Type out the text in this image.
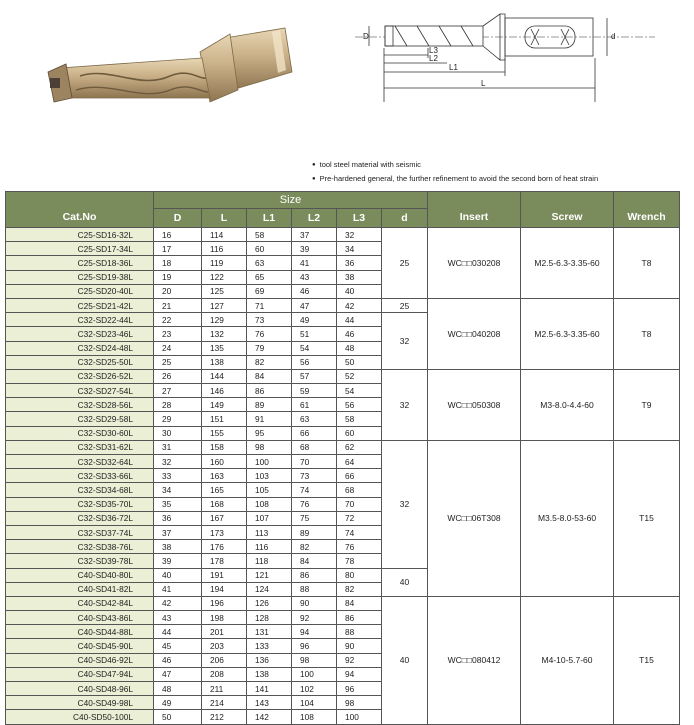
D	d
L3
L2
L1
L
● tool steel material with seismic
● Pre-hardened general, the further refinement to avoid the second born of heat strain
Cat.No	Size						Insert	Screw	Wrench
	D	L	L1	L2	L3	d			
C25-SD16-32L	16	114	58	37	32	25	WC□□030208	M2.5-6.3-3.35-60	T8
C25-SD17-34L	17	116	60	39	34				
C25-SD18-36L	18	119	63	41	36				
C25-SD19-38L	19	122	65	43	38				
C25-SD20-40L	20	125	69	46	40				
C25-SD21-42L	21	127	71	47	42	25	WC□□040208	M2.5-6.3-3.35-60	T8
C32-SD22-44L	22	129	73	49	44	32			
C32-SD23-46L	23	132	76	51	46				
C32-SD24-48L	24	135	79	54	48				
C32-SD25-50L	25	138	82	56	50				
C32-SD26-52L	26	144	84	57	52	32	WC□□050308	M3-8.0-4.4-60	T9
C32-SD27-54L	27	146	86	59	54				
C32-SD28-56L	28	149	89	61	56				
C32-SD29-58L	29	151	91	63	58				
C32-SD30-60L	30	155	95	66	60				
C32-SD31-62L	31	158	98	68	62	32	WC□□06T308	M3.5-8.0-53-60	T15
C32-SD32-64L	32	160	100	70	64				
C32-SD33-66L	33	163	103	73	66				
C32-SD34-68L	34	165	105	74	68				
C32-SD35-70L	35	168	108	76	70				
C32-SD36-72L	36	167	107	75	72				
C32-SD37-74L	37	173	113	89	74				
C32-SD38-76L	38	176	116	82	76				
C32-SD39-78L	39	178	118	84	78				
C40-SD40-80L	40	191	121	86	80	40			
C40-SD41-82L	41	194	124	88	82				
C40-SD42-84L	42	196	126	90	84	40	WC□□080412	M4-10-5.7-60	T15
C40-SD43-86L	43	198	128	92	86				
C40-SD44-88L	44	201	131	94	88				
C40-SD45-90L	45	203	133	96	90				
C40-SD46-92L	46	206	136	98	92				
C40-SD47-94L	47	208	138	100	94				
C40-SD48-96L	48	211	141	102	96				
C40-SD49-98L	49	214	143	104	98				
C40-SD50-100L	50	212	142	108	100				
